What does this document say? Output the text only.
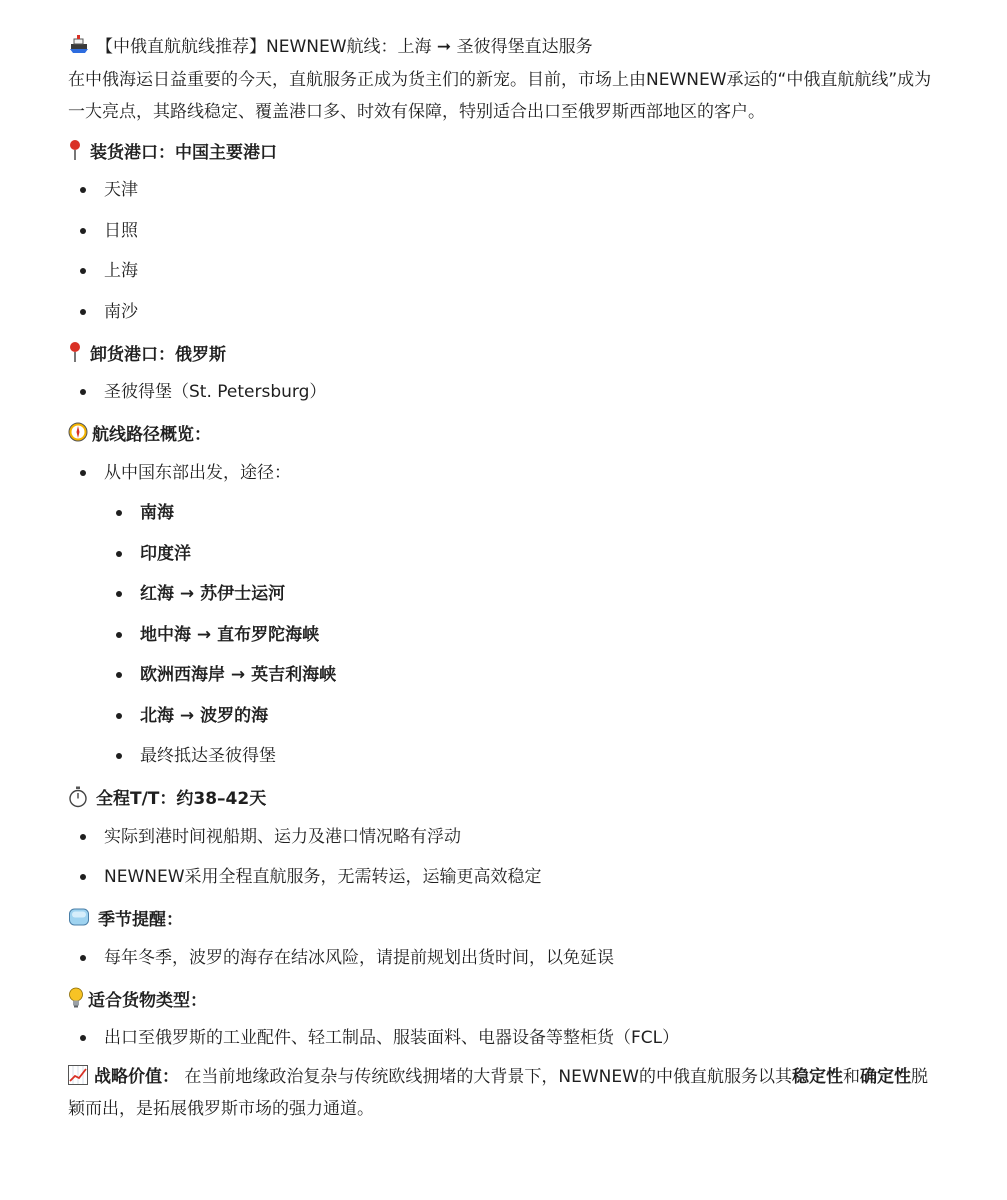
【中俄直航航线推荐】NEWNEW航线：上海 ➞ 圣彼得堡直达服务

在中俄海运日益重要的今天，直航服务正成为货主们的新宠。目前，市场上由NEWNEW承运的“中俄直航航线”成为一大亮点，其路线稳定、覆盖港口多、时效有保障，特别适合出口至俄罗斯西部地区的客户。

装货港口：中国主要港口
天津
日照
上海
南沙
卸货港口：俄罗斯
圣彼得堡（St. Petersburg）
航线路径概览：
从中国东部出发，途径：
南海
印度洋
红海 → 苏伊士运河
地中海 → 直布罗陀海峡
欧洲西海岸 → 英吉利海峡
北海 → 波罗的海
最终抵达圣彼得堡
全程T/T：约38–42天
实际到港时间视船期、运力及港口情况略有浮动
NEWNEW采用全程直航服务，无需转运，运输更高效稳定
季节提醒：
每年冬季，波罗的海存在结冰风险，请提前规划出货时间，以免延误
适合货物类型：
出口至俄罗斯的工业配件、轻工制品、服装面料、电器设备等整柜货（FCL）

战略价值： 在当前地缘政治复杂与传统欧线拥堵的大背景下，NEWNEW的中俄直航服务以其稳定性和确定性脱颖而出，是拓展俄罗斯市场的强力通道。
